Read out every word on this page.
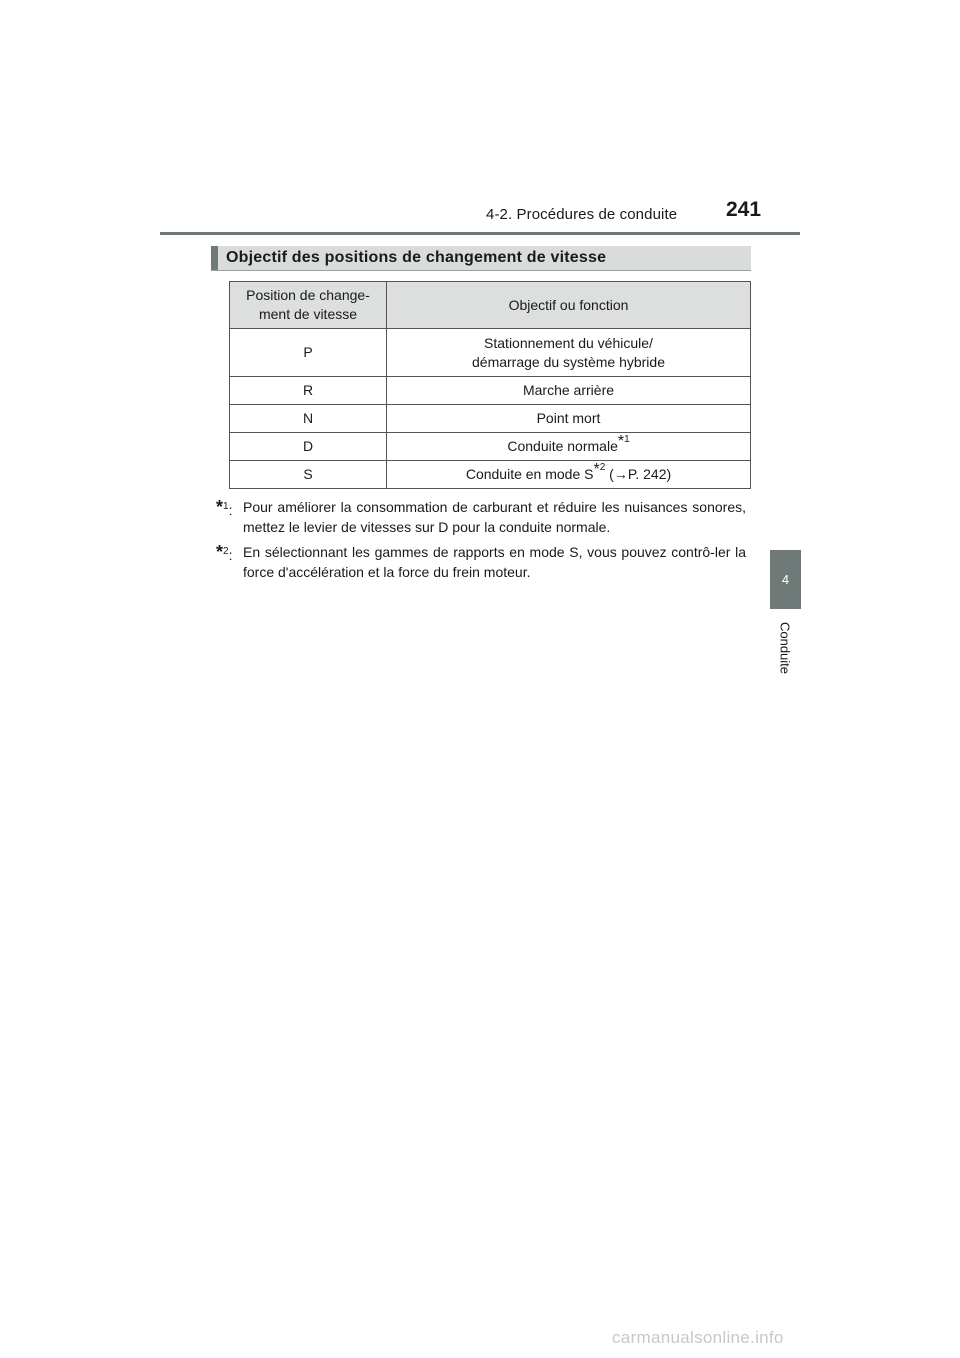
4-2. Procédures de conduite 241
4
Conduite
Objectif des positions de changement de vitesse
Position de change-ment de vitesse	Objectif ou fonction
P	Stationnement du véhicule/
démarrage du système hybride
R	Marche arrière
N	Point mort
D	Conduite normale$^{*^1}$
S	Conduite en mode $S^{*^2}$ (→P. 242)
*$^1$: Pour améliorer la consommation de carburant et réduire les nuisances sonores, mettez le levier de vitesses sur D pour la conduite normale.
*$^2$: En sélectionnant les gammes de rapports en mode S, vous pouvez contrô-ler la force d'accélération et la force du frein moteur.
carmanualsonline.info
